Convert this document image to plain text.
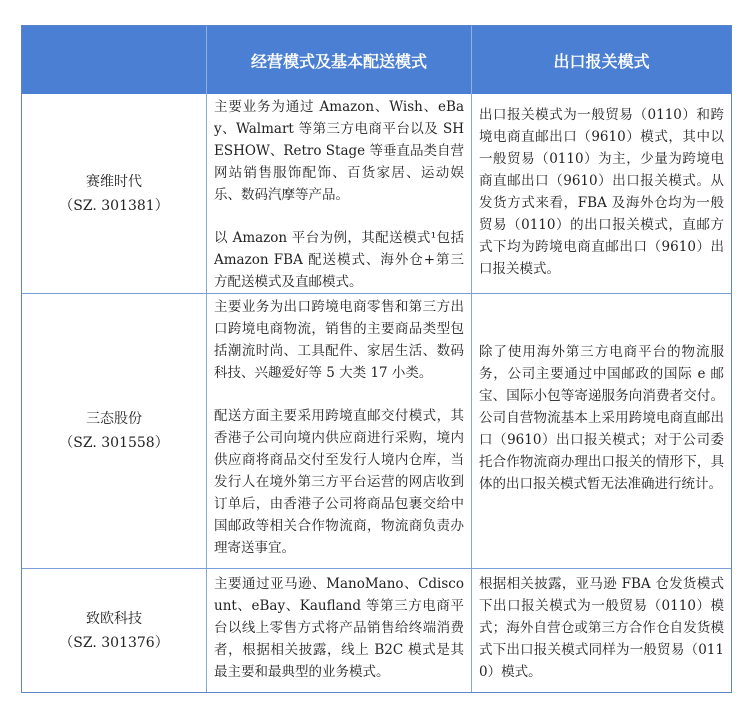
经营模式及基本配送模式	出口报关模式
赛维时代
（SZ. 301381）

主要业务为通过 Amazon、Wish、eBay、Walmart 等第三方电商平台以及 SHESHOW、Retro Stage 等垂直品类自营网站销售服饰配饰、百货家居、运动娱乐、数码汽摩等产品。

以 Amazon 平台为例，其配送模式¹包括 Amazon FBA 配送模式、海外仓+第三方配送模式及直邮模式。

出口报关模式为一般贸易（0110）和跨境电商直邮出口（9610）模式，其中以一般贸易（0110）为主，少量为跨境电商直邮出口（9610）出口报关模式。从发货方式来看，FBA 及海外仓均为一般贸易（0110）的出口报关模式，直邮方式下均为跨境电商直邮出口（9610）出口报关模式。
三态股份
（SZ. 301558）

主要业务为出口跨境电商零售和第三方出口跨境电商物流，销售的主要商品类型包括潮流时尚、工具配件、家居生活、数码科技、兴趣爱好等 5 大类 17 小类。

配送方面主要采用跨境直邮交付模式，其香港子公司向境内供应商进行采购，境内供应商将商品交付至发行人境内仓库，当发行人在境外第三方平台运营的网店收到订单后，由香港子公司将商品包裹交给中国邮政等相关合作物流商，物流商负责办理寄送事宜。

除了使用海外第三方电商平台的物流服务，公司主要通过中国邮政的国际 e 邮宝、国际小包等寄递服务向消费者交付。公司自营物流基本上采用跨境电商直邮出口（9610）出口报关模式；对于公司委托合作物流商办理出口报关的情形下，具体的出口报关模式暂无法准确进行统计。
致欧科技
（SZ. 301376）

主要通过亚马逊、ManoMano、Cdiscount、eBay、Kaufland 等第三方电商平台以线上零售方式将产品销售给终端消费者，根据相关披露，线上 B2C 模式是其最主要和最典型的业务模式。

根据相关披露，亚马逊 FBA 仓发货模式下出口报关模式为一般贸易（0110）模式；海外自营仓或第三方合作仓自发货模式下出口报关模式同样为一般贸易（0110）模式。
